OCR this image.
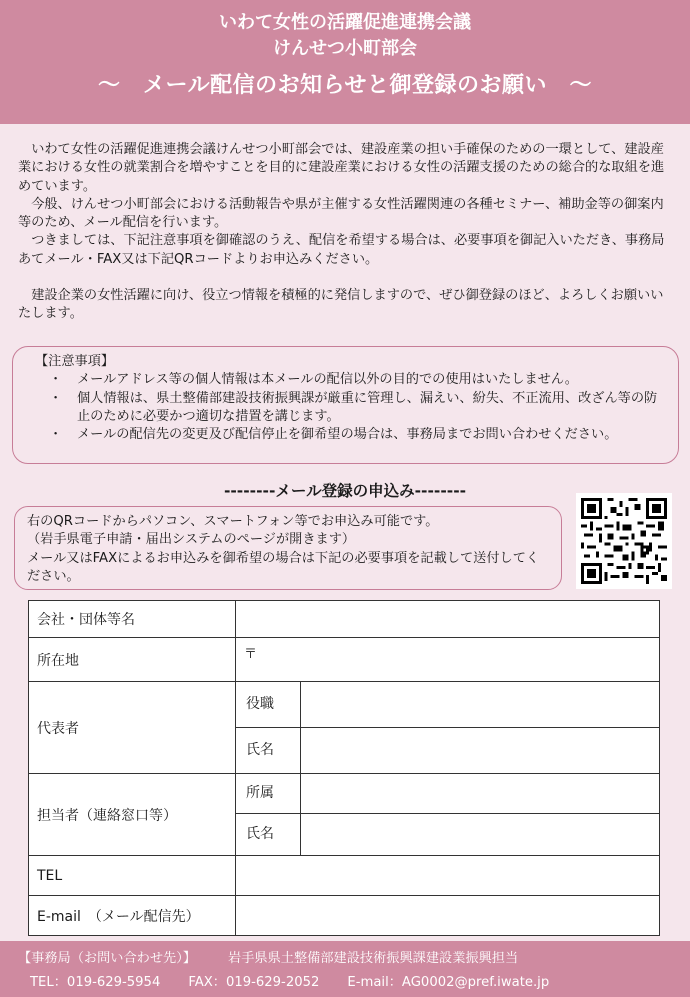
いわて女性の活躍促進連携会議
けんせつ小町部会
～　メール配信のお知らせと御登録のお願い　～

いわて女性の活躍促進連携会議けんせつ小町部会では、建設産業の担い手確保のための一環として、建設産業における女性の就業割合を増やすことを目的に建設産業における女性の活躍支援のための総合的な取組を進めています。

今般、けんせつ小町部会における活動報告や県が主催する女性活躍関連の各種セミナー、補助金等の御案内等のため、メール配信を行います。

つきましては、下記注意事項を御確認のうえ、配信を希望する場合は、必要事項を御記入いただき、事務局あてメール・FAX又は下記QRコードよりお申込みください。

建設企業の女性活躍に向け、役立つ情報を積極的に発信しますので、ぜひ御登録のほど、よろしくお願いいたします。

【注意事項】

・ メールアドレス等の個人情報は本メールの配信以外の目的での使用はいたしません。
・ 個人情報は、県土整備部建設技術振興課が厳重に管理し、漏えい、紛失、不正流用、改ざん等の防止のために必要かつ適切な措置を講じます。
・ メールの配信先の変更及び配信停止を御希望の場合は、事務局までお問い合わせください。
--------メール登録の申込み--------

右のQRコードからパソコン、スマートフォン等でお申込み可能です。

（岩手県電子申請・届出システムのページが開きます）

メール又はFAXによるお申込みを御希望の場合は下記の必要事項を記載して送付してください。

会社・団体等名		
所在地	〒	

代表者	役職	
	氏名	
担当者（連絡窓口等）	所属	
	氏名	
TEL		
E-mail　（メール配信先）		
【事務局（お問い合わせ先）】 岩手県県土整備部建設技術振興課建設業振興担当
TEL：019-629-5954 FAX：019-629-2052 E-mail：AG0002@pref.iwate.jp
